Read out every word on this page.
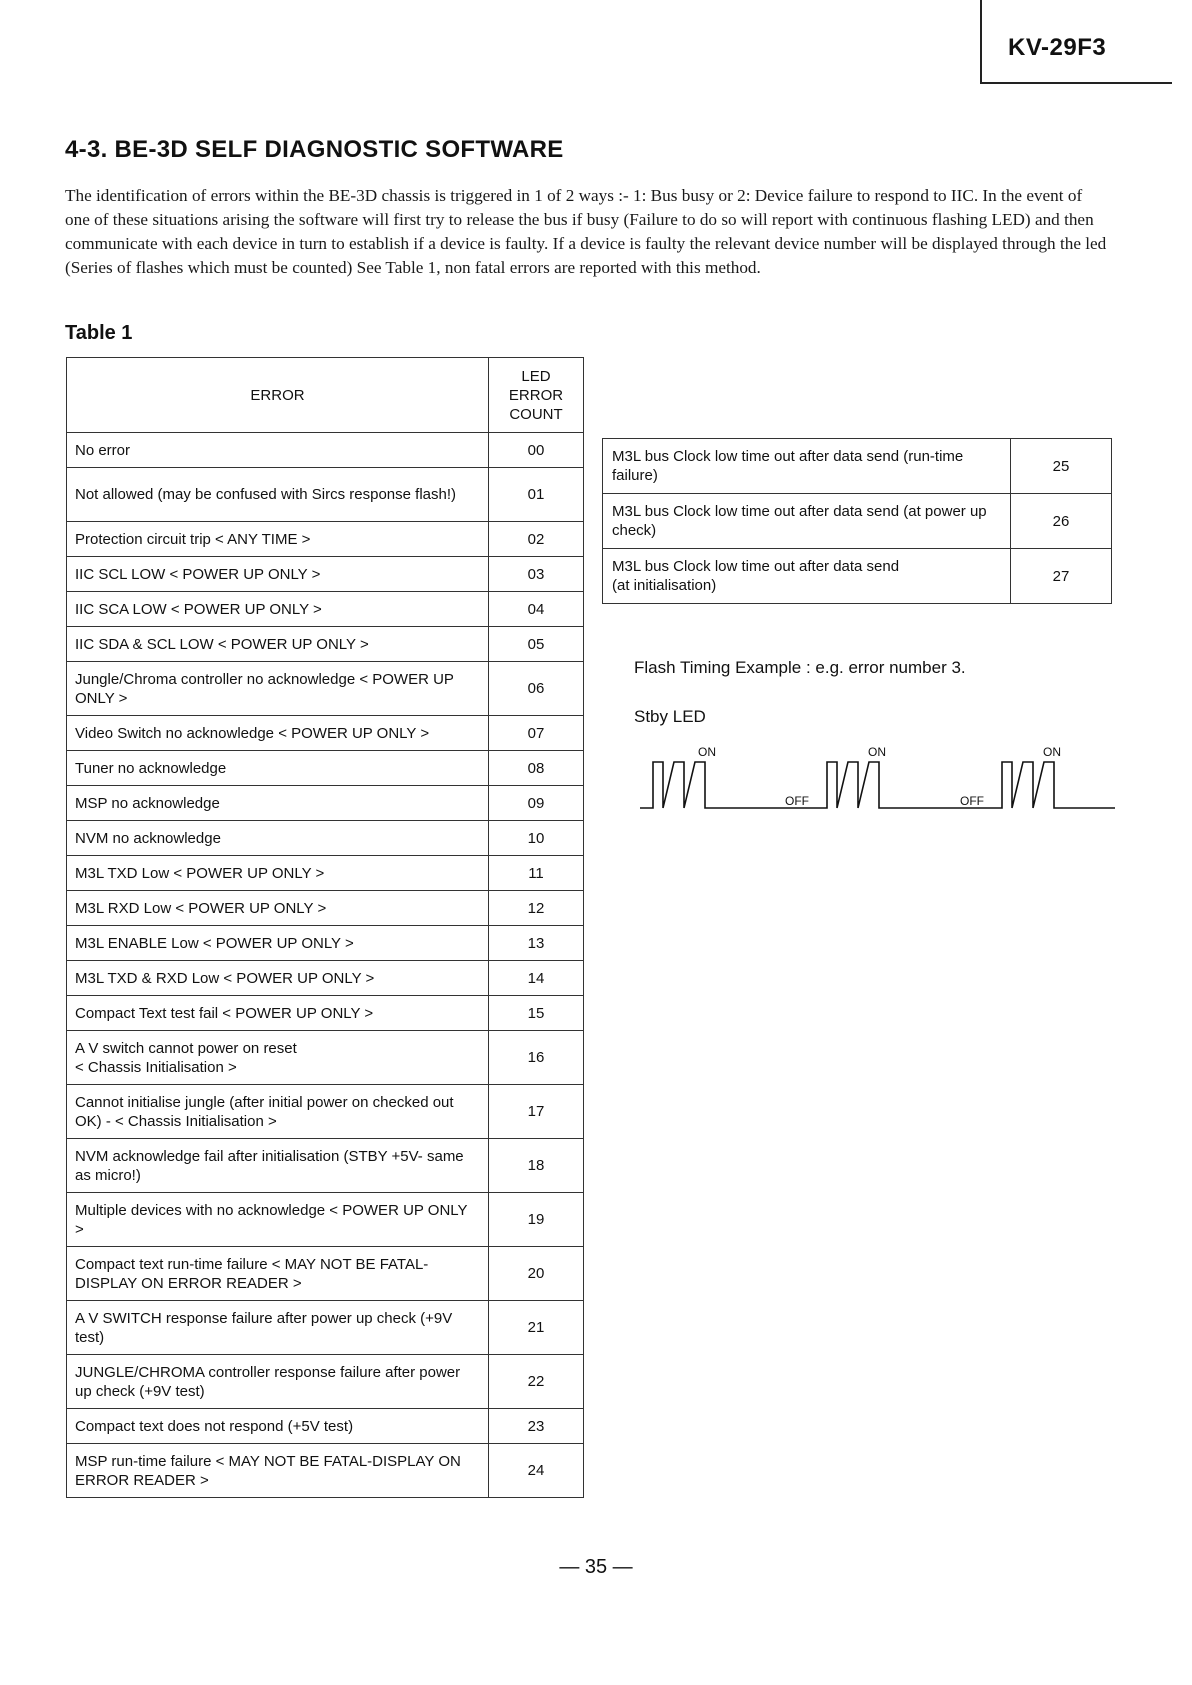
KV-29F3
4-3. BE-3D SELF DIAGNOSTIC SOFTWARE

The identification of errors within the BE-3D chassis is triggered in 1 of 2 ways :- 1: Bus busy or 2: Device failure to respond to IIC. In the event of one of these situations arising the software will first try to release the bus if busy (Failure to do so will report with continuous flashing LED) and then communicate with each device in turn to establish if a device is faulty. If a device is faulty the relevant device number will be displayed through the led (Series of flashes which must be counted) See Table 1, non fatal errors are reported with this method.

Table 1
ERROR	LED
ERROR
COUNT

No error	00
Not allowed (may be confused with Sircs response flash!)	01
Protection circuit trip < ANY TIME >	02
IIC SCL LOW < POWER UP ONLY >	03
IIC SCA LOW < POWER UP ONLY >	04
IIC SDA & SCL LOW < POWER UP ONLY >	05
Jungle/Chroma controller no acknowledge < POWER UP ONLY >	06
Video Switch no acknowledge < POWER UP ONLY >	07
Tuner no acknowledge	08
MSP no acknowledge	09
NVM no acknowledge	10
M3L TXD Low < POWER UP ONLY >	11
M3L RXD Low < POWER UP ONLY >	12
M3L ENABLE Low < POWER UP ONLY >	13
M3L TXD & RXD Low < POWER UP ONLY >	14
Compact Text test fail < POWER UP ONLY >	15

A V switch cannot power on reset
< Chassis Initialisation >	16
Cannot initialise jungle (after initial power on checked out OK) - < Chassis Initialisation >	17
NVM acknowledge fail after initialisation (STBY +5V- same as micro!)	18
Multiple devices with no acknowledge < POWER UP ONLY >	19
Compact text run-time failure < MAY NOT BE FATAL- DISPLAY ON ERROR READER >	20
A V SWITCH response failure after power up check (+9V test)	21
JUNGLE/CHROMA controller response failure after power up check (+9V test)	22
Compact text does not respond (+5V test)	23
MSP run-time failure < MAY NOT BE FATAL-DISPLAY ON ERROR READER >	24
M3L bus Clock low time out after data send (run-time failure)	25
M3L bus Clock low time out after data send (at power up check)	26

M3L bus Clock low time out after data send
(at initialisation)	27
Flash Timing Example : e.g. error number 3.
Stby LED
ON	ON	ON
OFF	OFF
— 35 —
